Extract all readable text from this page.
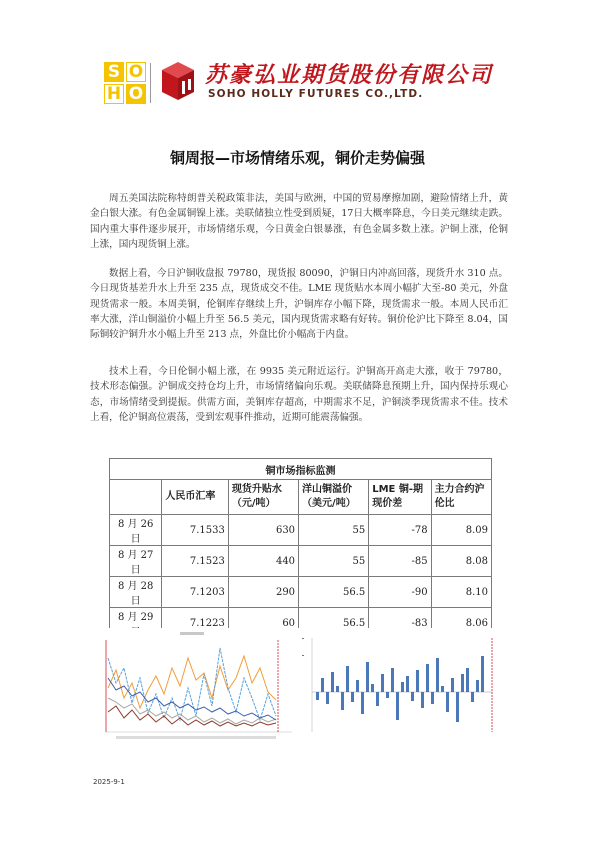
S O
H O
苏豪弘业期货股份有限公司
SOHO HOLLY FUTURES CO.,LTD.
铜周报—市场情绪乐观，铜价走势偏强

周五美国法院称特朗普关税政策非法，美国与欧洲，中国的贸易摩擦加剧，避险情绪上升，黄金白银大涨。有色金属铜镍上涨。美联储独立性受到质疑，17日大概率降息，今日美元继续走跌。国内重大事件逐步展开，市场情绪乐观，今日黄金白银暴涨，有色金属多数上涨。沪铜上涨，伦铜上涨，国内现货铜上涨。

数据上看，今日沪铜收盘报 79780，现货报 80090，沪铜日内冲高回落，现货升水 310 点。今日现货基差升水上升至 235 点，现货成交不佳。LME 现货贴水本周小幅扩大至-80 美元，外盘现货需求一般。本周美铜，伦铜库存继续上升，沪铜库存小幅下降，现货需求一般。本周人民币汇率大涨，洋山铜溢价小幅上升至 56.5 美元，国内现货需求略有好转。铜价伦沪比下降至 8.04，国际铜较沪铜升水小幅上升至 213 点，外盘比价小幅高于内盘。

技术上看，今日伦铜小幅上涨，在 9935 美元附近运行。沪铜高开高走大涨，收于 79780，技术形态偏强。沪铜成交持仓均上升，市场情绪偏向乐观。美联储降息预期上升，国内保持乐观心态，市场情绪受到提振。供需方面，美铜库存超高，中期需求不足，沪铜淡季现货需求不佳。技术上看，伦沪铜高位震荡，受到宏观事件推动，近期可能震荡偏强。

铜市场指标监测					
	人民币汇率	现货升贴水（元/吨）	洋山铜溢价（美元/吨）	LME 铜-期现价差	主力合约沪伦比
8 月 26 日	7.1533	630	55	-78	8.09
8 月 27 日	7.1523	440	55	-85	8.08
8 月 28 日	7.1203	290	56.5	-90	8.10
8 月 29	7.1223	60	56.5	-83	8.06

2025-9-1
